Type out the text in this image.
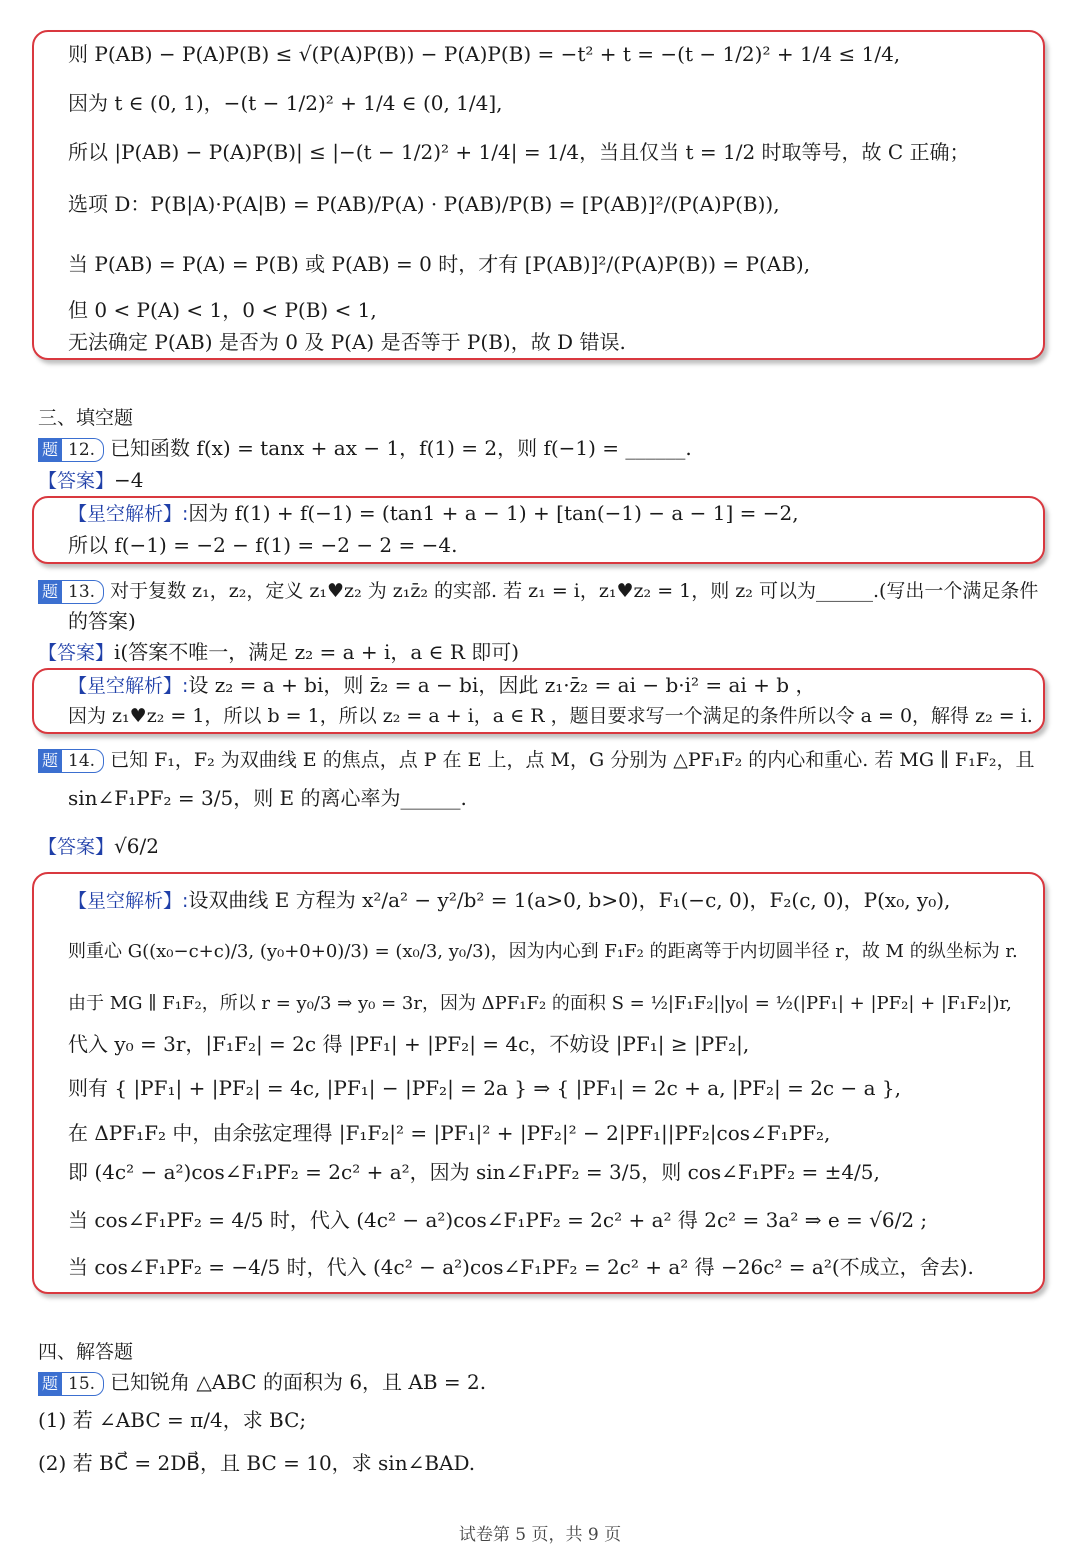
则 P(AB) − P(A)P(B) ≤ √(P(A)P(B)) − P(A)P(B) = −t² + t = −(t − 1/2)² + 1/4 ≤ 1/4,
因为 t ∈ (0, 1)，−(t − 1/2)² + 1/4 ∈ (0, 1/4],
所以 |P(AB) − P(A)P(B)| ≤ |−(t − 1/2)² + 1/4| = 1/4，当且仅当 t = 1/2 时取等号，故 C 正确；
选项 D：P(B|A)·P(A|B) = P(AB)/P(A) · P(AB)/P(B) = [P(AB)]²/(P(A)P(B)),
当 P(AB) = P(A) = P(B) 或 P(AB) = 0 时，才有 [P(AB)]²/(P(A)P(B)) = P(AB),
但 0 < P(A) < 1，0 < P(B) < 1,
无法确定 P(AB) 是否为 0 及 P(A) 是否等于 P(B)，故 D 错误.
三、填空题
题 12. 已知函数 f(x) = tanx + ax − 1，f(1) = 2，则 f(−1) = ______.
【答案】−4
【星空解析】:因为 f(1) + f(−1) = (tan1 + a − 1) + [tan(−1) − a − 1] = −2,
所以 f(−1) = −2 − f(1) = −2 − 2 = −4.
题 13. 对于复数 z₁，z₂，定义 z₁♥z₂ 为 z₁z̄₂ 的实部. 若 z₁ = i，z₁♥z₂ = 1，则 z₂ 可以为______.(写出一个满足条件
的答案)
【答案】i(答案不唯一，满足 z₂ = a + i，a ∈ R 即可)
【星空解析】:设 z₂ = a + bi，则 z̄₂ = a − bi，因此 z₁·z̄₂ = ai − b·i² = ai + b ，
因为 z₁♥z₂ = 1，所以 b = 1，所以 z₂ = a + i，a ∈ R ，题目要求写一个满足的条件所以令 a = 0，解得 z₂ = i.
题 14. 已知 F₁，F₂ 为双曲线 E 的焦点，点 P 在 E 上，点 M，G 分别为 △PF₁F₂ 的内心和重心. 若 MG ∥ F₁F₂，且
sin∠F₁PF₂ = 3/5，则 E 的离心率为______.
【答案】√6/2
【星空解析】:设双曲线 E 方程为 x²/a² − y²/b² = 1(a>0, b>0)，F₁(−c, 0)，F₂(c, 0)，P(x₀, y₀),
则重心 G((x₀−c+c)/3, (y₀+0+0)/3) = (x₀/3, y₀/3)，因为内心到 F₁F₂ 的距离等于内切圆半径 r，故 M 的纵坐标为 r.
由于 MG ∥ F₁F₂，所以 r = y₀/3 ⇒ y₀ = 3r，因为 ΔPF₁F₂ 的面积 S = ½|F₁F₂||y₀| = ½(|PF₁| + |PF₂| + |F₁F₂|)r,
代入 y₀ = 3r，|F₁F₂| = 2c 得 |PF₁| + |PF₂| = 4c，不妨设 |PF₁| ≥ |PF₂|,
则有 { |PF₁| + |PF₂| = 4c, |PF₁| − |PF₂| = 2a } ⇒ { |PF₁| = 2c + a, |PF₂| = 2c − a },
在 ΔPF₁F₂ 中，由余弦定理得 |F₁F₂|² = |PF₁|² + |PF₂|² − 2|PF₁||PF₂|cos∠F₁PF₂,
即 (4c² − a²)cos∠F₁PF₂ = 2c² + a²，因为 sin∠F₁PF₂ = 3/5，则 cos∠F₁PF₂ = ±4/5,
当 cos∠F₁PF₂ = 4/5 时，代入 (4c² − a²)cos∠F₁PF₂ = 2c² + a² 得 2c² = 3a² ⇒ e = √6/2 ;
当 cos∠F₁PF₂ = −4/5 时，代入 (4c² − a²)cos∠F₁PF₂ = 2c² + a² 得 −26c² = a²(不成立，舍去).
四、解答题
题 15. 已知锐角 △ABC 的面积为 6，且 AB = 2.
(1) 若 ∠ABC = π/4，求 BC;
(2) 若 BC⃗ = 2DB⃗，且 BC = 10，求 sin∠BAD.
试卷第 5 页，共 9 页
